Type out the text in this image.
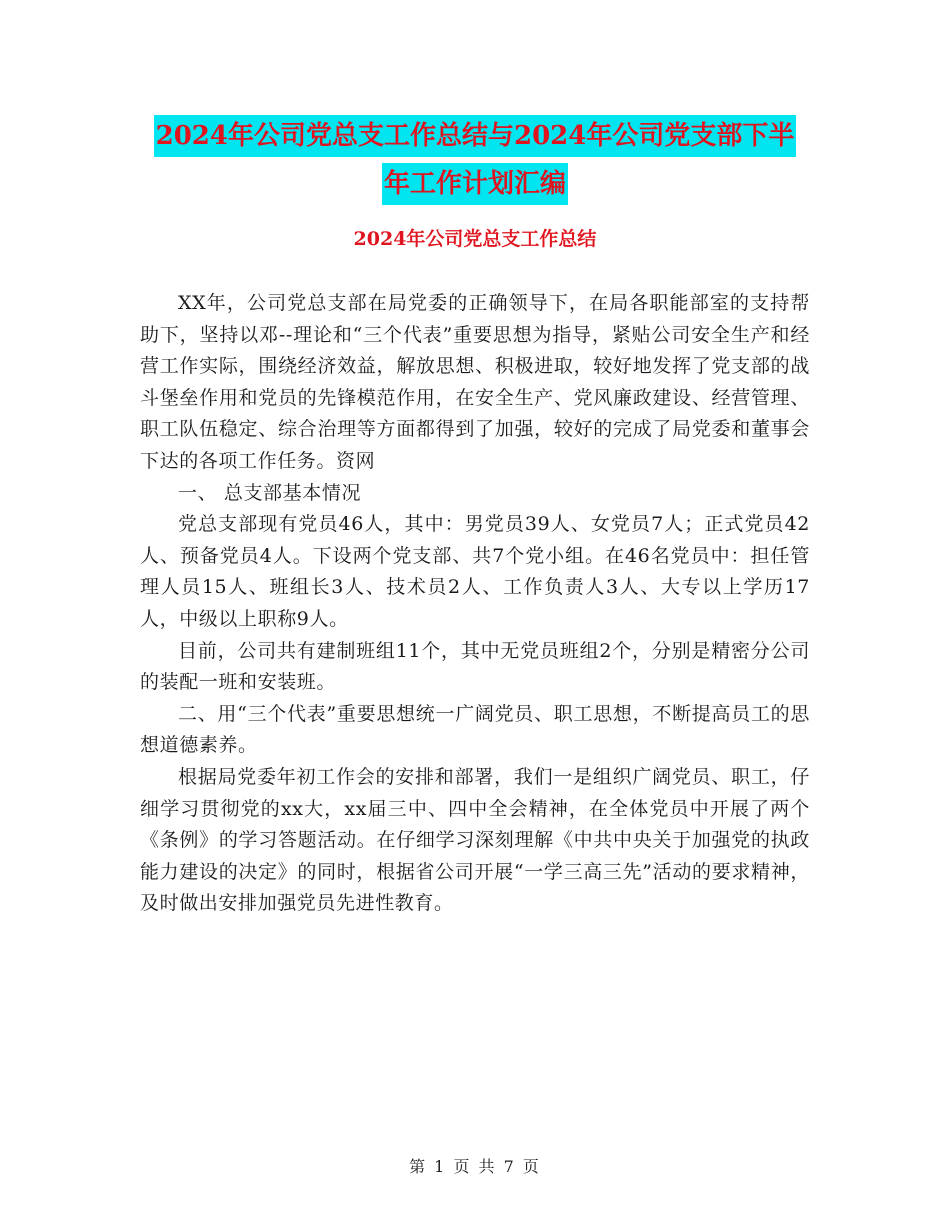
2024年公司党总支工作总结与2024年公司党支部下半
年工作计划汇编
2024年公司党总支工作总结

XX年，公司党总支部在局党委的正确领导下，在局各职能部室的支持帮助下，坚持以邓--理论和“三个代表”重要思想为指导，紧贴公司安全生产和经营工作实际，围绕经济效益，解放思想、积极进取，较好地发挥了党支部的战斗堡垒作用和党员的先锋模范作用，在安全生产、党风廉政建设、经营管理、职工队伍稳定、综合治理等方面都得到了加强，较好的完成了局党委和董事会下达的各项工作任务。资网

一、 总支部基本情况

党总支部现有党员46人，其中：男党员39人、女党员7人；正式党员42人、预备党员4人。下设两个党支部、共7个党小组。在46名党员中：担任管理人员15人、班组长3人、技术员2人、工作负责人3人、大专以上学历17人，中级以上职称9人。

目前，公司共有建制班组11个，其中无党员班组2个，分别是精密分公司的装配一班和安装班。

二、用“三个代表”重要思想统一广阔党员、职工思想，不断提高员工的思想道德素养。

根据局党委年初工作会的安排和部署，我们一是组织广阔党员、职工，仔细学习贯彻党的xx大，xx届三中、四中全会精神，在全体党员中开展了两个《条例》的学习答题活动。在仔细学习深刻理解《中共中央关于加强党的执政能力建设的决定》的同时，根据省公司开展“一学三高三先”活动的要求精神，及时做出安排加强党员先进性教育。

第 1 页 共 7 页
